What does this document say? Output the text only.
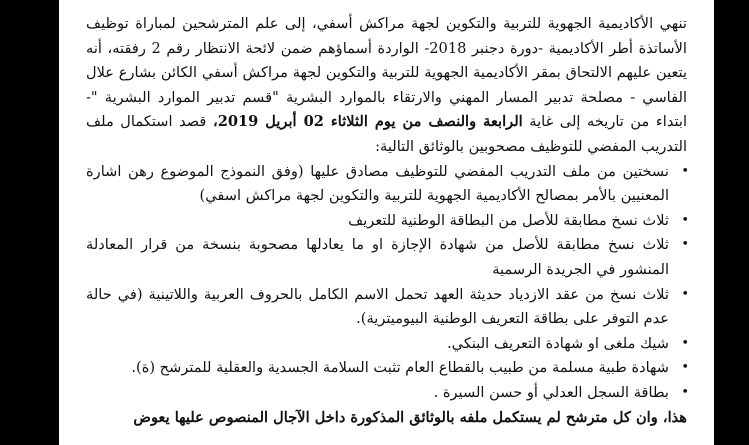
تنهي الأكاديمية الجهوية للتربية والتكوين لجهة مراكش أسفي، إلى علم المترشحين لمباراة توظيف الأساتذة أطر الأكاديمية -دورة دجنبر 2018- الواردة أسماؤهم ضمن لائحة الانتظار رقم 2 رفقته، أنه يتعين عليهم الالتحاق بمقر الأكاديمية الجهوية للتربية والتكوين لجهة مراكش أسفي الكائن بشارع علال الفاسي - مصلحة تدبير المسار المهني والارتقاء بالموارد البشرية "قسم تدبير الموارد البشرية "- ابتداء من تاريخه إلى غاية الرابعة والنصف من يوم الثلاثاء 02 أبريل 2019، قصد استكمال ملف التدريب المفضي للتوظيف مصحوبين بالوثائق التالية:

•
نسختين من ملف التدريب المفضي للتوظيف مصادق عليها (وفق النموذج الموضوع رهن اشارة المعنيين بالأمر بمصالح الأكاديمية الجهوية للتربية والتكوين لجهة مراكش اسفي)
•
ثلاث نسخ مطابقة للأصل من البطاقة الوطنية للتعريف
•
ثلاث نسخ مطابقة للأصل من شهادة الإجازة او ما يعادلها مصحوبة بنسخة من قرار المعادلة المنشور في الجريدة الرسمية
•
ثلاث نسخ من عقد الازدياد حديثة العهد تحمل الاسم الكامل بالحروف العربية واللاتينية (في حالة عدم التوفر على بطاقة التعريف الوطنية البيوميترية).
•
شيك ملغى او شهادة التعريف البنكي.
•
شهادة طبية مسلمة من طبيب بالقطاع العام تثبت السلامة الجسدية والعقلية للمترشح (ة).
•
بطاقة السجل العدلي أو حسن السيرة .

هذا، وان كل مترشح لم يستكمل ملفه بالوثائق المذكورة داخل الآجال المنصوص عليها يعوض
